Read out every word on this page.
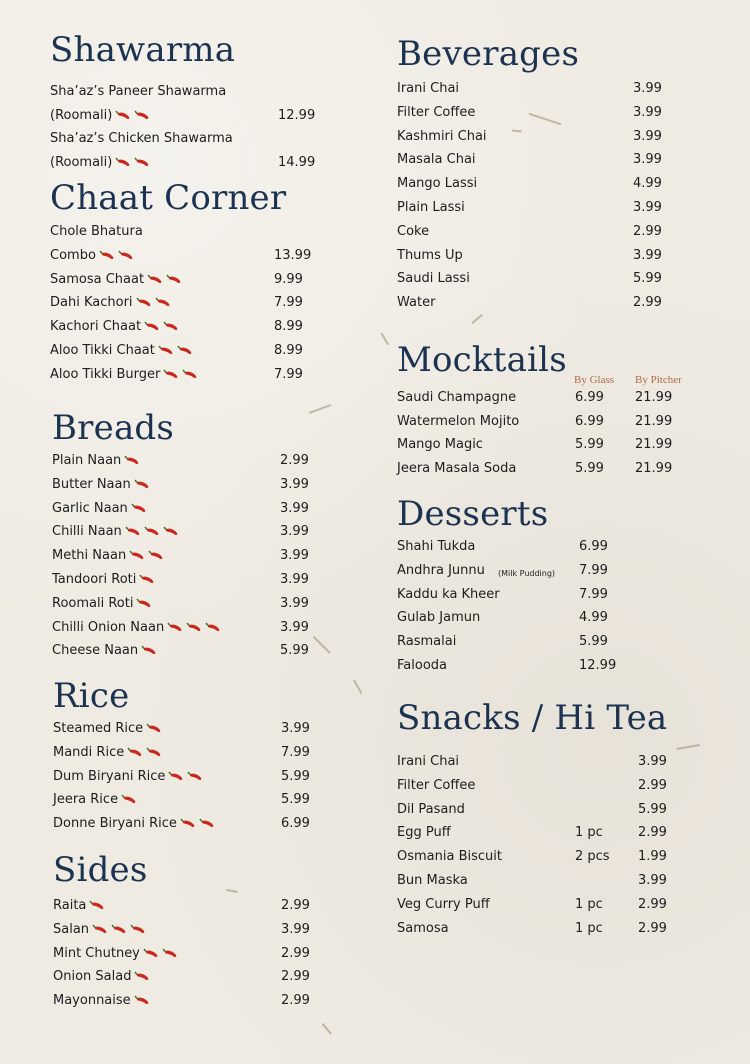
Shawarma
Sha’az’s Paneer Shawarma
(Roomali)	12.99
Sha’az’s Chicken Shawarma
(Roomali)	14.99
Chaat Corner
Chole Bhatura
Combo	13.99
Samosa Chaat	9.99
Dahi Kachori	7.99
Kachori Chaat	8.99
Aloo Tikki Chaat	8.99
Aloo Tikki Burger	7.99
Breads
Plain Naan	2.99
Butter Naan	3.99
Garlic Naan	3.99
Chilli Naan	3.99
Methi Naan	3.99
Tandoori Roti	3.99
Roomali Roti	3.99
Chilli Onion Naan	3.99
Cheese Naan	5.99
Rice
Steamed Rice	3.99
Mandi Rice	7.99
Dum Biryani Rice	5.99
Jeera Rice	5.99
Donne Biryani Rice	6.99
Sides
Raita	2.99
Salan	3.99
Mint Chutney	2.99
Onion Salad	2.99
Mayonnaise	2.99
Beverages
Irani Chai	3.99
Filter Coffee	3.99
Kashmiri Chai	3.99
Masala Chai	3.99
Mango Lassi	4.99
Plain Lassi	3.99
Coke	2.99
Thums Up	3.99
Saudi Lassi	5.99
Water	2.99
Mocktails By Glass By Pitcher
Saudi Champagne	6.99 21.99
Watermelon Mojito	6.99 21.99
Mango Magic	5.99 21.99
Jeera Masala Soda	5.99 21.99
Desserts
Shahi Tukda	6.99
Andhra Junnu (Milk Pudding) 7.99
Kaddu ka Kheer	7.99
Gulab Jamun	4.99
Rasmalai	5.99
Falooda	12.99
Snacks / Hi Tea
Irani Chai	3.99
Filter Coffee	2.99
Dil Pasand	5.99
Egg Puff	1 pc	2.99
Osmania Biscuit	2 pcs 1.99
Bun Maska	3.99
Veg Curry Puff	1 pc	2.99
Samosa	1 pc	2.99
